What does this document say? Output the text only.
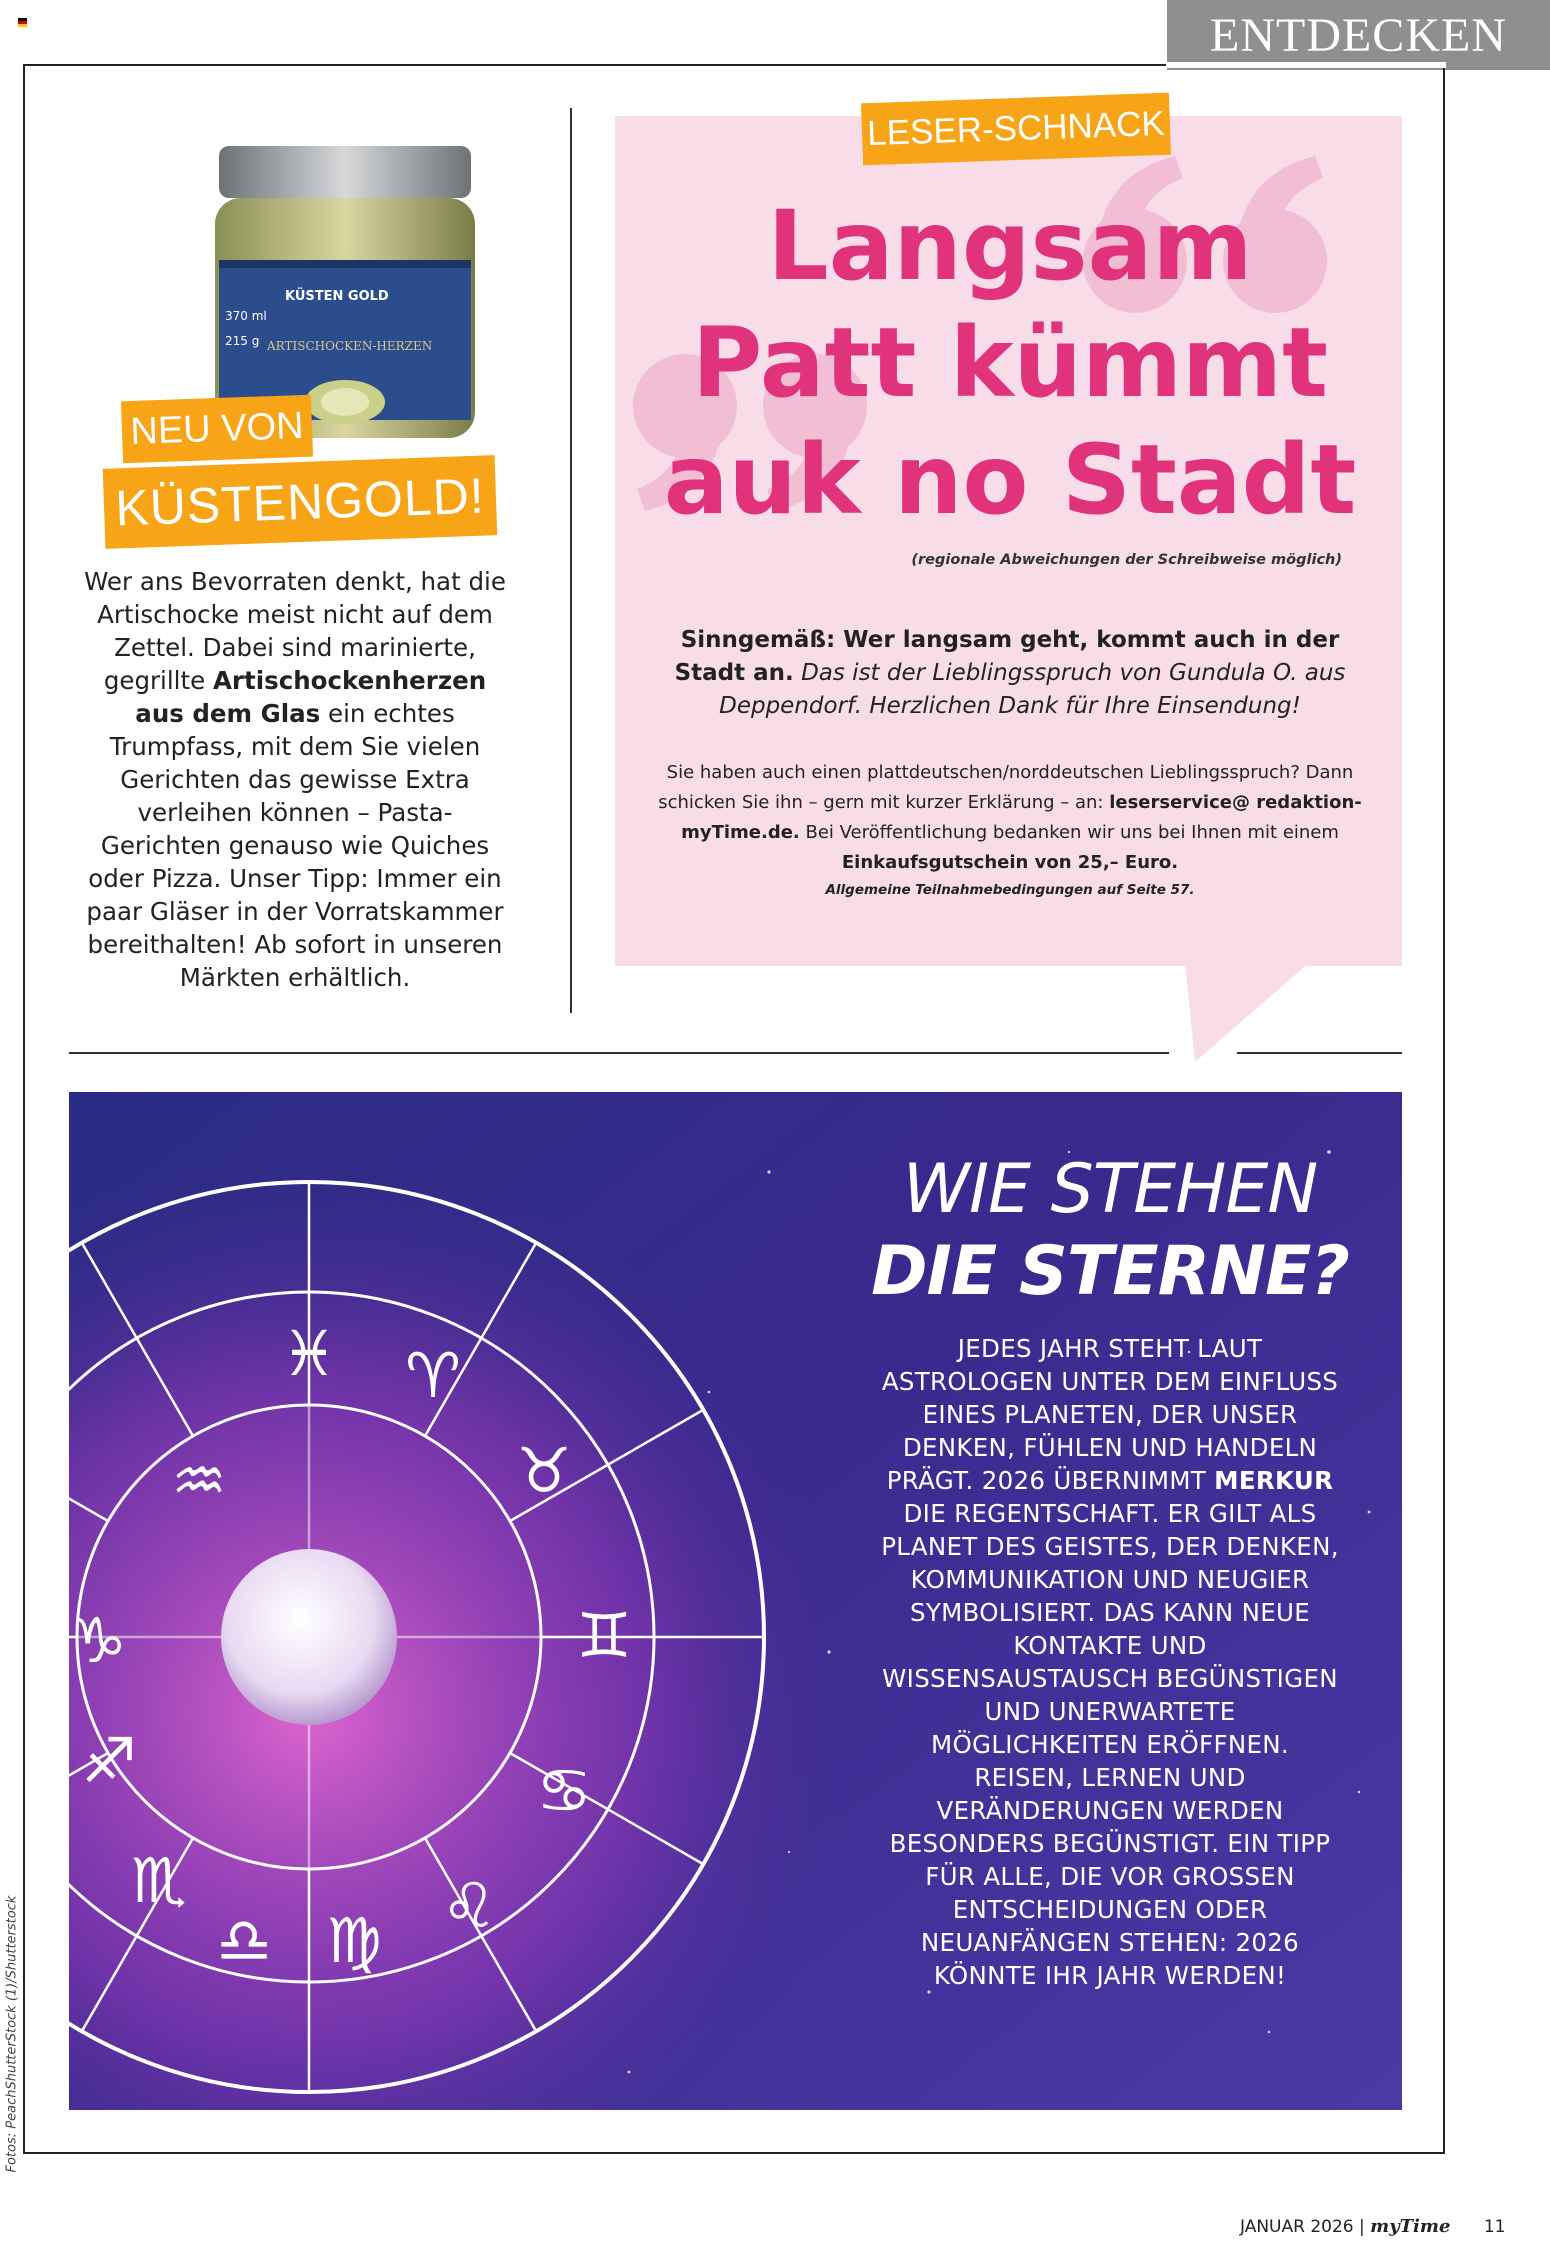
ENTDECKEN
KÜSTEN GOLD
ARTISCHOCKEN-HERZEN
370 ml
215 g
NEU VON
KÜSTENGOLD!
Wer ans Bevorraten denkt, hat die Artischocke meist nicht auf dem Zettel. Dabei sind marinierte, gegrillte Artischockenherzen aus dem Glas ein echtes Trumpfass, mit dem Sie vielen Gerichten das gewisse Extra verleihen können – Pasta-Gerichten genauso wie Quiches oder Pizza. Unser Tipp: Immer ein paar Gläser in der Vorratskammer bereithalten! Ab sofort in unseren Märkten erhältlich.
LESER-SCHNACK
Langsam
Patt kümmt
auk no Stadt
(regionale Abweichungen der Schreibweise möglich)
Sinngemäß: Wer langsam geht, kommt auch in der Stadt an. Das ist der Lieblingsspruch von Gundula O. aus Deppendorf. Herzlichen Dank für Ihre Einsendung!
Sie haben auch einen plattdeutschen/norddeutschen Lieblingsspruch? Dann schicken Sie ihn – gern mit kurzer Erklärung – an: leserservice@ redaktion-myTime.de. Bei Veröffentlichung bedanken wir uns bei Ihnen mit einem Einkaufsgutschein von 25,– Euro.
Allgemeine Teilnahmebedingungen auf Seite 57.
♓ ♈
♉
♊
♋
♌
♍
♎
♏
♐
♑
♒
WIE STEHEN
DIE STERNE?
JEDES JAHR STEHT LAUT ASTROLOGEN UNTER DEM EINFLUSS EINES PLANETEN, DER UNSER DENKEN, FÜHLEN UND HANDELN PRÄGT. 2026 ÜBERNIMMT MERKUR DIE REGENTSCHAFT. ER GILT ALS PLANET DES GEISTES, DER DENKEN, KOMMUNIKATION UND NEUGIER SYMBOLISIERT. DAS KANN NEUE KONTAKTE UND WISSENSAUSTAUSCH BEGÜNSTIGEN UND UNERWARTETE MÖGLICHKEITEN ERÖFFNEN. REISEN, LERNEN UND VERÄNDERUNGEN WERDEN BESONDERS BEGÜNSTIGT. EIN TIPP FÜR ALLE, DIE VOR GROSSEN ENTSCHEIDUNGEN ODER NEUANFÄNGEN STEHEN: 2026 KÖNNTE IHR JAHR WERDEN!
Fotos: PeachShutterStock (1)/Shutterstock
JANUAR 2026 | myTime 11
